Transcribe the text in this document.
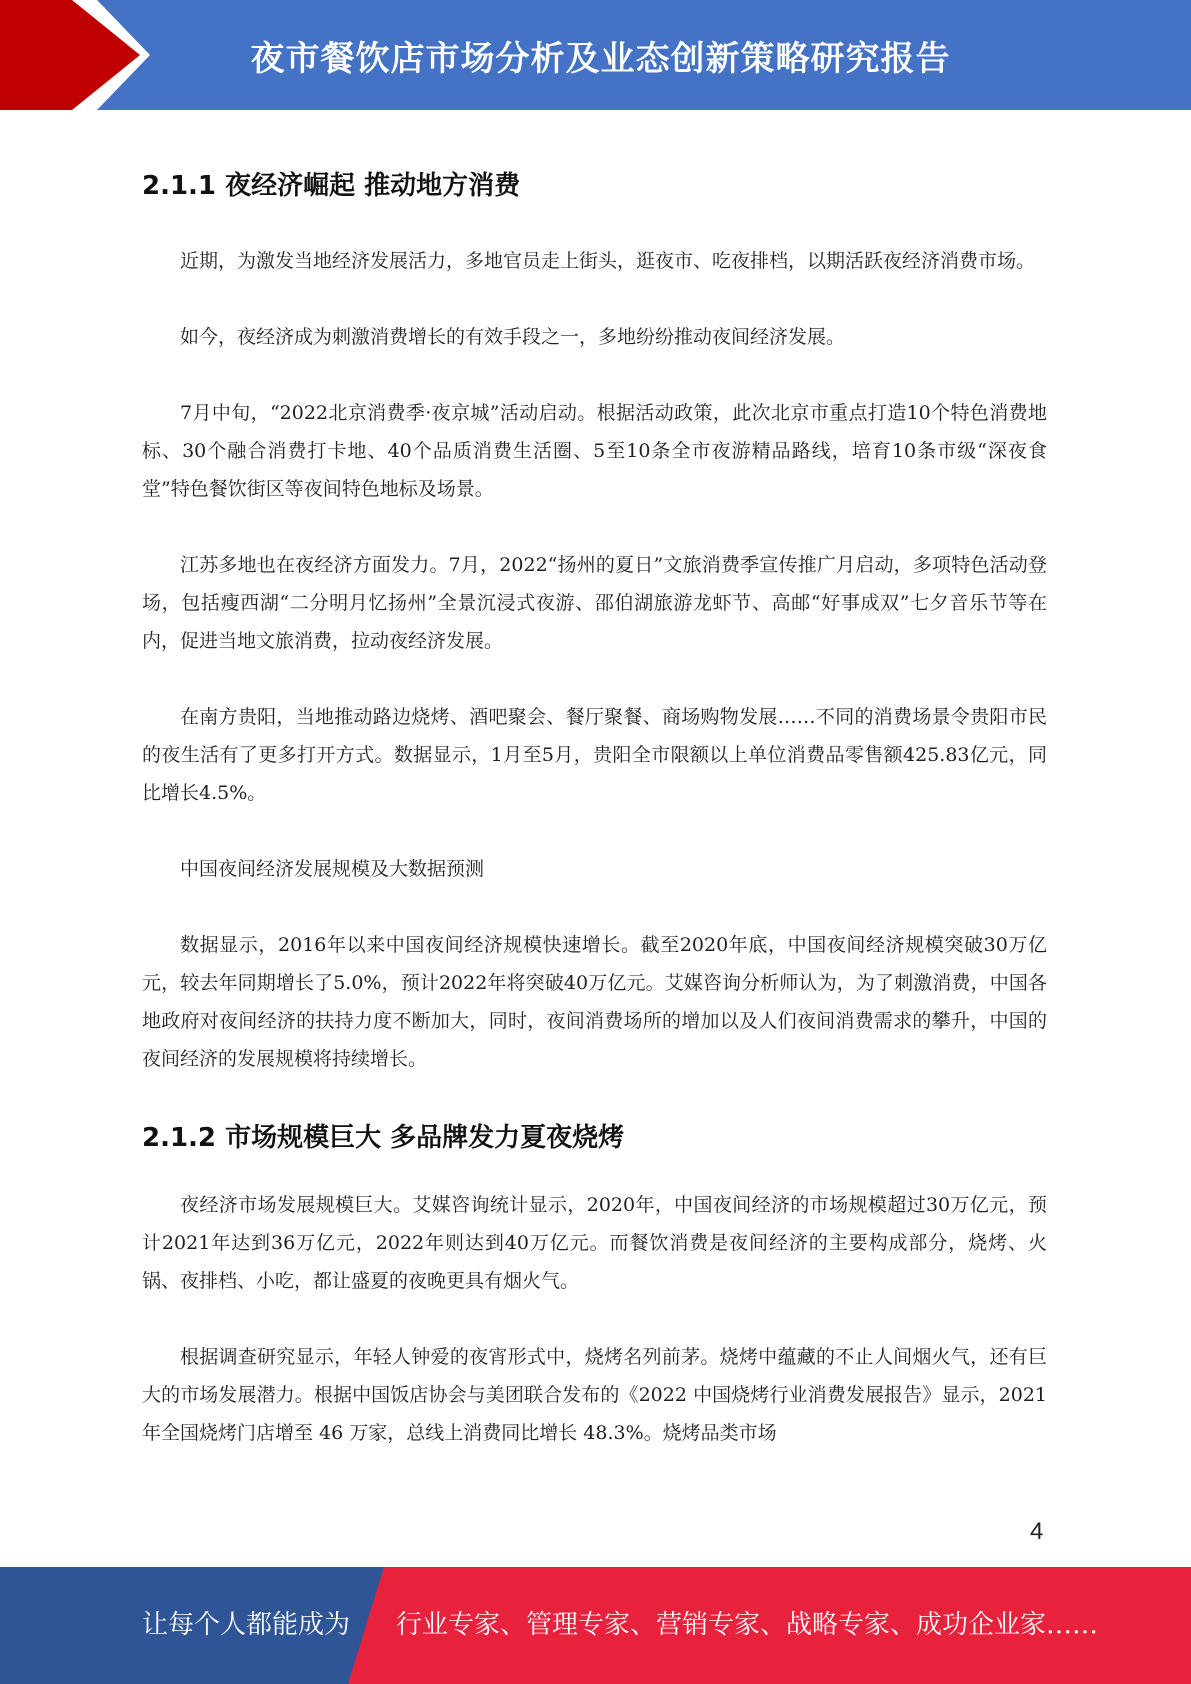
夜市餐饮店市场分析及业态创新策略研究报告
2.1.1 夜经济崛起 推动地方消费

近期，为激发当地经济发展活力，多地官员走上街头，逛夜市、吃夜排档，以期活跃夜经济消费市场。

如今，夜经济成为刺激消费增长的有效手段之一，多地纷纷推动夜间经济发展。

7月中旬，“2022北京消费季·夜京城”活动启动。根据活动政策，此次北京市重点打造10个特色消费地标、30个融合消费打卡地、40个品质消费生活圈、5至10条全市夜游精品路线，培育10条市级“深夜食堂”特色餐饮街区等夜间特色地标及场景。

江苏多地也在夜经济方面发力。7月，2022“扬州的夏日”文旅消费季宣传推广月启动，多项特色活动登场，包括瘦西湖“二分明月忆扬州”全景沉浸式夜游、邵伯湖旅游龙虾节、高邮“好事成双”七夕音乐节等在内，促进当地文旅消费，拉动夜经济发展。

在南方贵阳，当地推动路边烧烤、酒吧聚会、餐厅聚餐、商场购物发展……不同的消费场景令贵阳市民的夜生活有了更多打开方式。数据显示，1月至5月，贵阳全市限额以上单位消费品零售额425.83亿元，同比增长4.5%。

中国夜间经济发展规模及大数据预测

数据显示，2016年以来中国夜间经济规模快速增长。截至2020年底，中国夜间经济规模突破30万亿元，较去年同期增长了5.0%，预计2022年将突破40万亿元。艾媒咨询分析师认为，为了刺激消费，中国各地政府对夜间经济的扶持力度不断加大，同时，夜间消费场所的增加以及人们夜间消费需求的攀升，中国的夜间经济的发展规模将持续增长。

2.1.2 市场规模巨大 多品牌发力夏夜烧烤

夜经济市场发展规模巨大。艾媒咨询统计显示，2020年，中国夜间经济的市场规模超过30万亿元，预计2021年达到36万亿元，2022年则达到40万亿元。而餐饮消费是夜间经济的主要构成部分，烧烤、火锅、夜排档、小吃，都让盛夏的夜晚更具有烟火气。

根据调查研究显示，年轻人钟爱的夜宵形式中，烧烤名列前茅。烧烤中蕴藏的不止人间烟火气，还有巨大的市场发展潜力。根据中国饭店协会与美团联合发布的《2022 中国烧烤行业消费发展报告》显示，2021 年全国烧烤门店增至 46 万家，总线上消费同比增长 48.3%。烧烤品类市场

4
让每个人都能成为 行业专家、管理专家、营销专家、战略专家、成功企业家……
